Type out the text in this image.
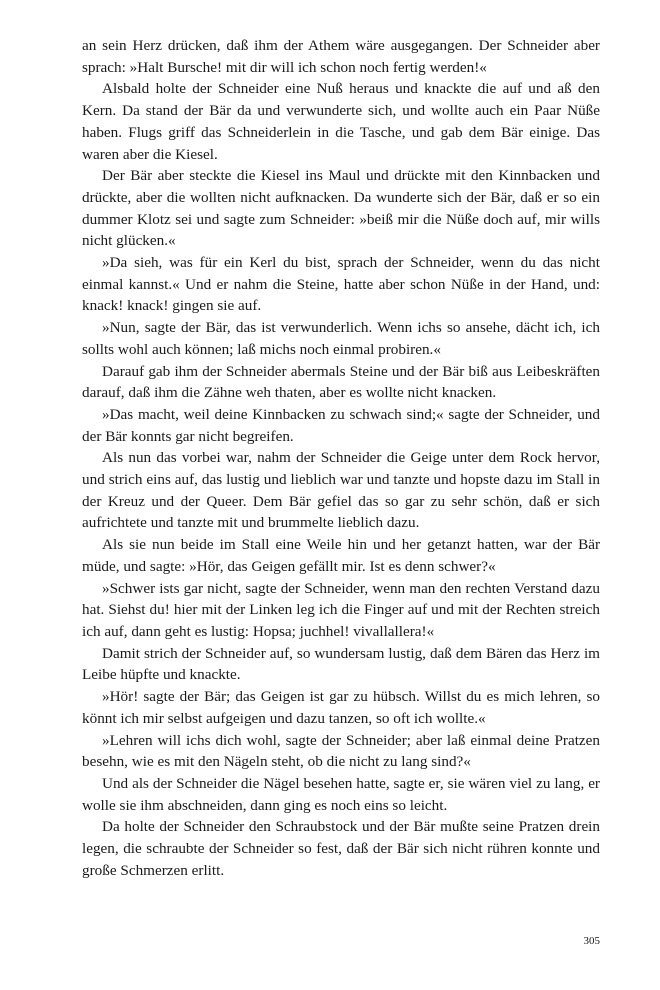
an sein Herz drücken, daß ihm der Athem wäre ausgegangen. Der Schneider aber sprach: »Halt Bursche! mit dir will ich schon noch fertig werden!«

Alsbald holte der Schneider eine Nuß heraus und knackte die auf und aß den Kern. Da stand der Bär da und verwunderte sich, und wollte auch ein Paar Nüße haben. Flugs griff das Schneiderlein in die Tasche, und gab dem Bär einige. Das waren aber die Kiesel.

Der Bär aber steckte die Kiesel ins Maul und drückte mit den Kinnbacken und drückte, aber die wollten nicht aufknacken. Da wunderte sich der Bär, daß er so ein dummer Klotz sei und sagte zum Schneider: »beiß mir die Nüße doch auf, mir wills nicht glücken.«

»Da sieh, was für ein Kerl du bist, sprach der Schneider, wenn du das nicht einmal kannst.« Und er nahm die Steine, hatte aber schon Nüße in der Hand, und: knack! knack! gingen sie auf.

»Nun, sagte der Bär, das ist verwunderlich. Wenn ichs so ansehe, dächt ich, ich sollts wohl auch können; laß michs noch einmal probiren.«

Darauf gab ihm der Schneider abermals Steine und der Bär biß aus Leibeskräften darauf, daß ihm die Zähne weh thaten, aber es wollte nicht knacken.

»Das macht, weil deine Kinnbacken zu schwach sind;« sagte der Schneider, und der Bär konnts gar nicht begreifen.

Als nun das vorbei war, nahm der Schneider die Geige unter dem Rock hervor, und strich eins auf, das lustig und lieblich war und tanzte und hopste dazu im Stall in der Kreuz und der Queer. Dem Bär gefiel das so gar zu sehr schön, daß er sich aufrichtete und tanzte mit und brummelte lieblich dazu.

Als sie nun beide im Stall eine Weile hin und her getanzt hatten, war der Bär müde, und sagte: »Hör, das Geigen gefällt mir. Ist es denn schwer?«

»Schwer ists gar nicht, sagte der Schneider, wenn man den rechten Verstand dazu hat. Siehst du! hier mit der Linken leg ich die Finger auf und mit der Rechten streich ich auf, dann geht es lustig: Hopsa; juchhel! vivallallera!«

Damit strich der Schneider auf, so wundersam lustig, daß dem Bären das Herz im Leibe hüpfte und knackte.

»Hör! sagte der Bär; das Geigen ist gar zu hübsch. Willst du es mich lehren, so könnt ich mir selbst aufgeigen und dazu tanzen, so oft ich wollte.«

»Lehren will ichs dich wohl, sagte der Schneider; aber laß einmal deine Pratzen besehn, wie es mit den Nägeln steht, ob die nicht zu lang sind?«

Und als der Schneider die Nägel besehen hatte, sagte er, sie wären viel zu lang, er wolle sie ihm abschneiden, dann ging es noch eins so leicht.

Da holte der Schneider den Schraubstock und der Bär mußte seine Pratzen drein legen, die schraubte der Schneider so fest, daß der Bär sich nicht rühren konnte und große Schmerzen erlitt.

305
